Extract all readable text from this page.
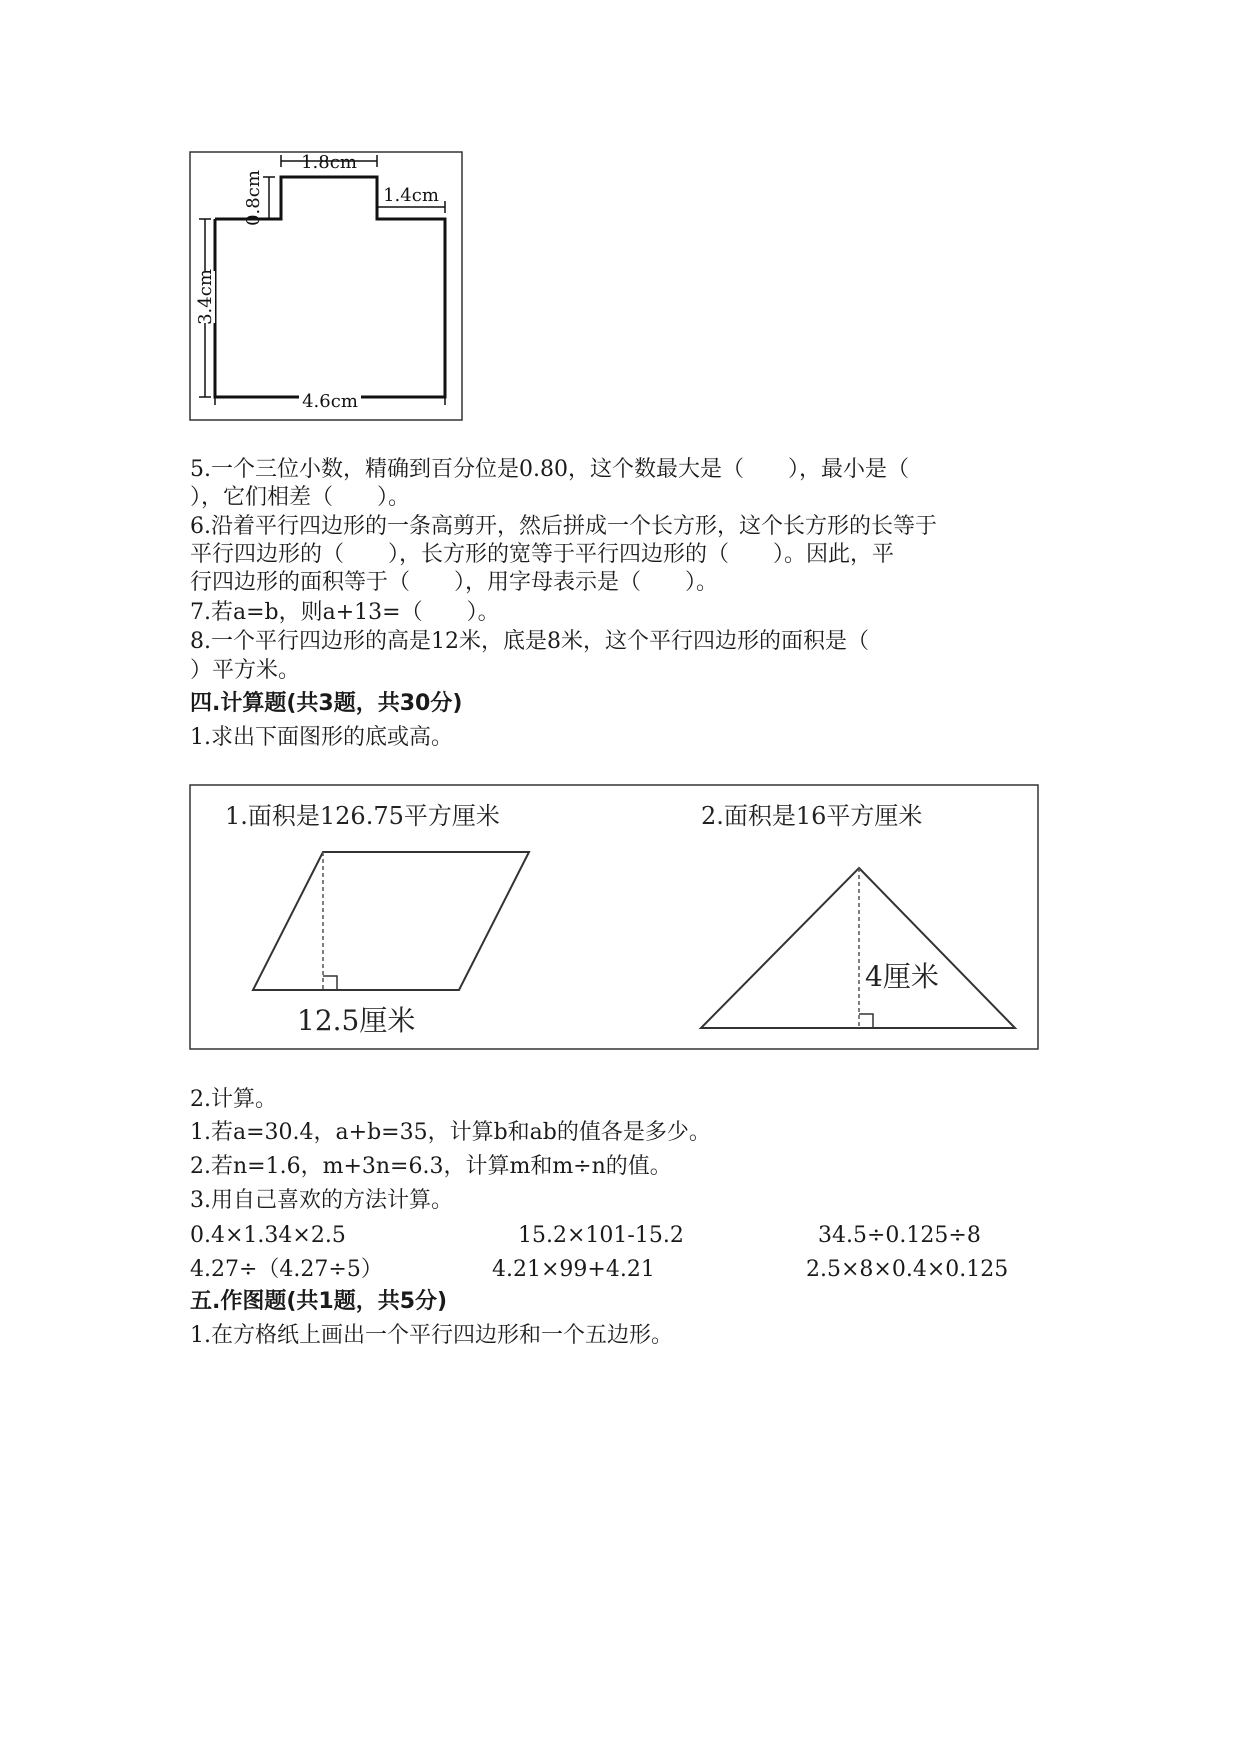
1.8cm
0.8cm	1.4cm
3.4cm
4.6cm
5.一个三位小数，精确到百分位是0.80，这个数最大是（　　），最小是（
），它们相差（　　）。
6.沿着平行四边形的一条高剪开，然后拼成一个长方形，这个长方形的长等于
平行四边形的（　　），长方形的宽等于平行四边形的（　　）。因此，平
行四边形的面积等于（　　），用字母表示是（　　）。
7.若a=b，则a+13=（　　）。
8.一个平行四边形的高是12米，底是8米，这个平行四边形的面积是（
）平方米。
四.计算题(共3题，共30分)
1.求出下面图形的底或高。
1.面积是126.75平方厘米
12.5厘米
2.面积是16平方厘米
4厘米
2.计算。
1.若a=30.4，a+b=35，计算b和ab的值各是多少。
2.若n=1.6，m+3n=6.3，计算m和m÷n的值。
3.用自己喜欢的方法计算。
0.4×1.34×2.5	15.2×101-15.2	34.5÷0.125÷8
4.27÷（4.27÷5）	4.21×99+4.21	2.5×8×0.4×0.125
五.作图题(共1题，共5分)
1.在方格纸上画出一个平行四边形和一个五边形。
